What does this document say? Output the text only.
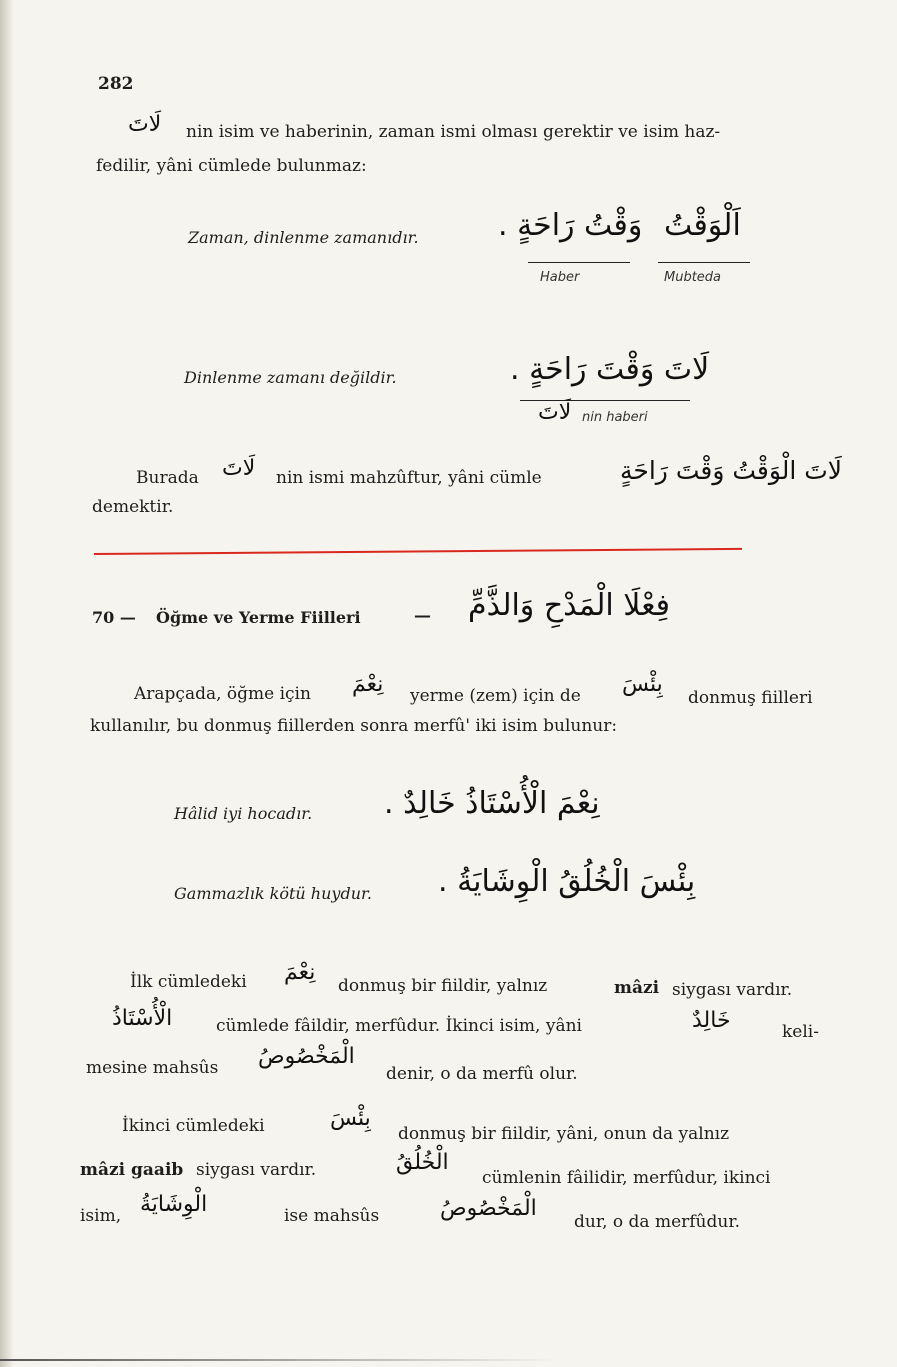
282
لَاتَ nin isim ve haberinin, zaman ismi olması gerektir ve isim haz-
fedilir, yâni cümlede bulunmaz:
Zaman, dinlenme zamanıdır.	وَقْتُ رَاحَةٍ . اَلْوَقْتُ
Haber	Mubteda
Dinlenme zamanı değildir.	لَاتَ وَقْتَ رَاحَةٍ .
لَاتَ nin haberi
Burada لَاتَ nin ismi mahzûftur, yâni cümle	لَاتَ الْوَقْتُ وَقْتَ رَاحَةٍ
demektir.
70 — Öğme ve Yerme Fiilleri	— فِعْلَا الْمَدْحِ وَالذَّمِّ
Arapçada, öğme için نِعْمَ yerme (zem) için de بِئْسَ
donmuş fiilleri
kullanılır, bu donmuş fiillerden sonra merfû' iki isim bulunur:
Hâlid iyi hocadır. نِعْمَ الْأُسْتَاذُ خَالِدٌ .
Gammazlık kötü huydur. بِئْسَ الْخُلُقُ الْوِشَايَةُ .
İlk cümledeki نِعْمَ
donmuş bir fiildir, yalnız	mâzi siygası vardır.
الْأُسْتَاذُ	cümlede fâildir, merfûdur. İkinci isim, yâni	خَالِدٌ	keli-
mesine mahsûs الْمَخْصُوصُ
denir, o da merfû olur.
İkinci cümledeki	بِئْسَ
donmuş bir fiildir, yâni, onun da yalnız
mâzi gaaib siygası vardır.	الْخُلُقُ
cümlenin fâilidir, merfûdur, ikinci
isim, الْوِشَايَةُ	ise mahsûs	الْمَخْصُوصُ
dur, o da merfûdur.
